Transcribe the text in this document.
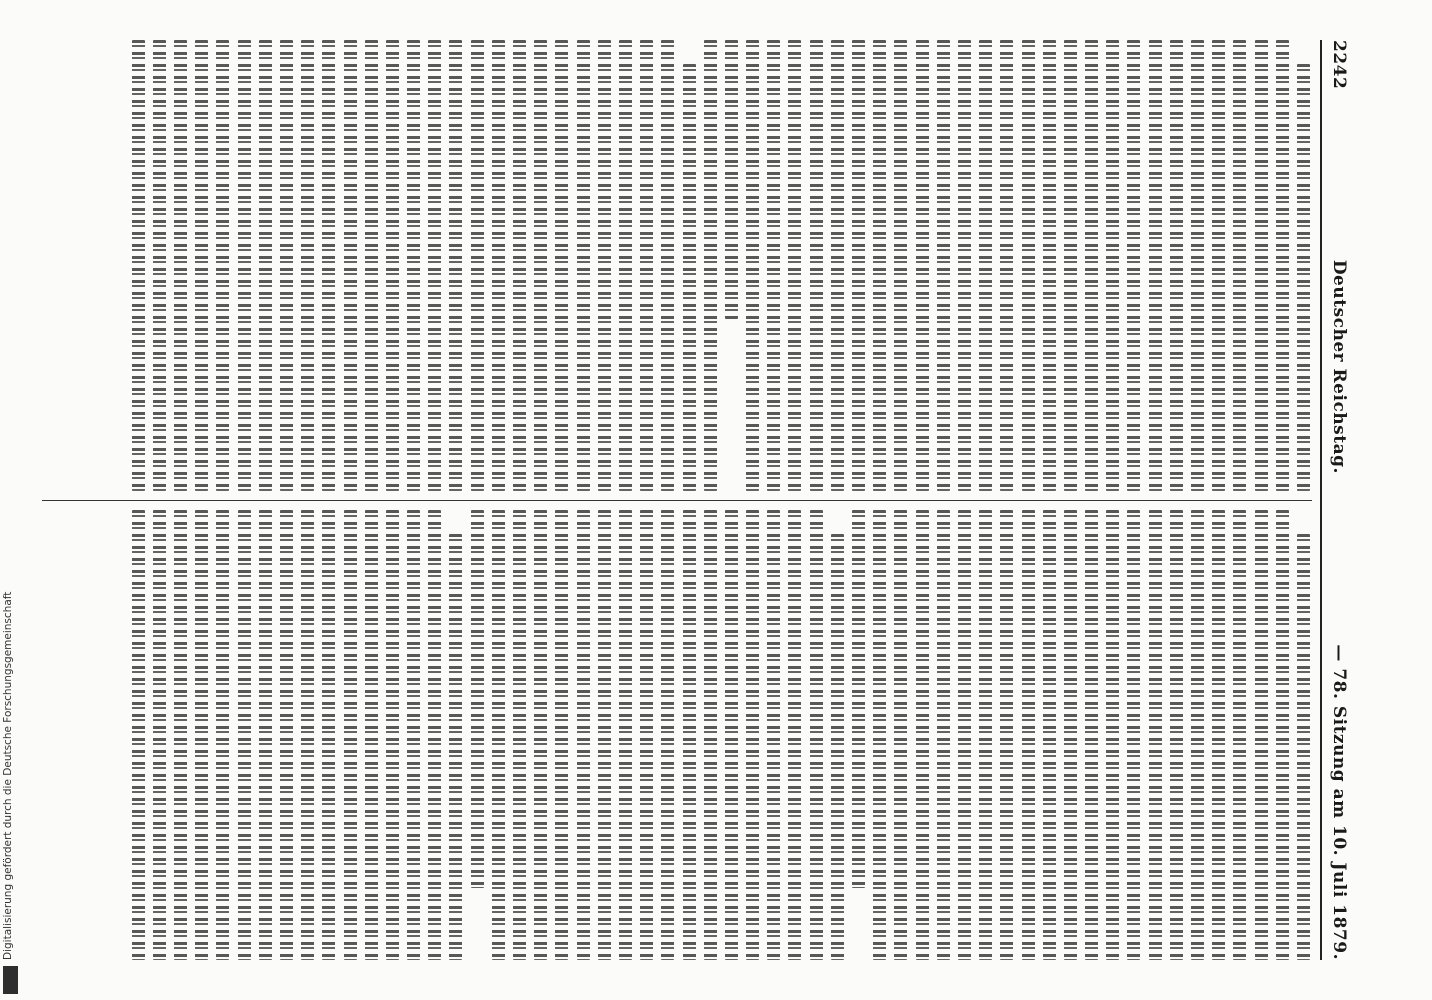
2242
Deutscher Reichstag.
— 78. Sitzung am 10. Juli 1879.
Digitalisierung gefördert durch die Deutsche Forschungsgemeinschaft
